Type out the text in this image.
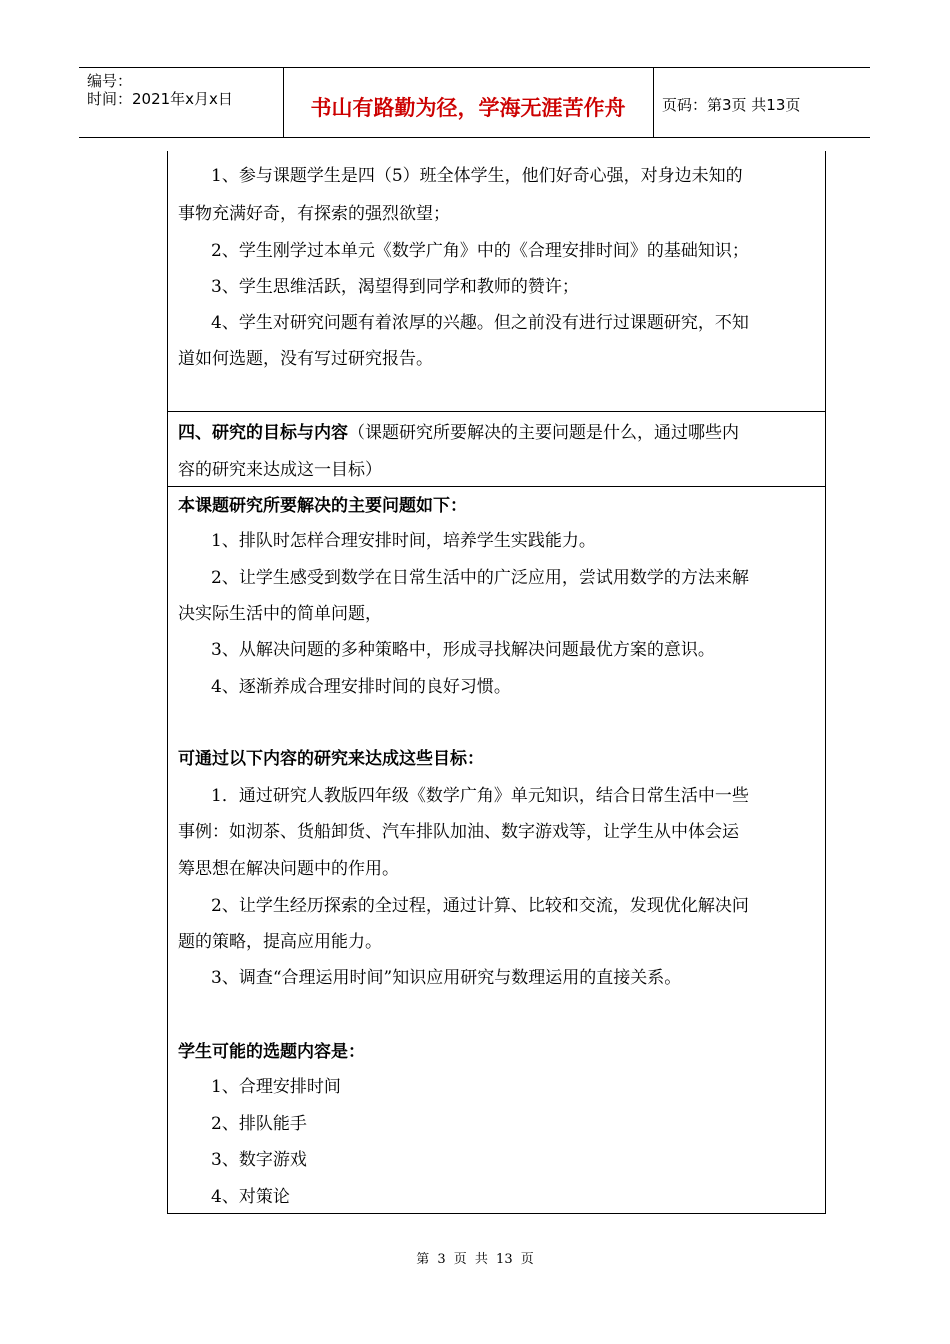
编号：
时间：2021年x月x日	书山有路勤为径，学海无涯苦作舟	页码：第3页 共13页
1、参与课题学生是四（5）班全体学生，他们好奇心强，对身边未知的
事物充满好奇，有探索的强烈欲望；
2、学生刚学过本单元《数学广角》中的《合理安排时间》的基础知识；
3、学生思维活跃，渴望得到同学和教师的赞许；
4、学生对研究问题有着浓厚的兴趣。但之前没有进行过课题研究，不知
道如何选题，没有写过研究报告。
四、研究的目标与内容（课题研究所要解决的主要问题是什么，通过哪些内
容的研究来达成这一目标）
本课题研究所要解决的主要问题如下：
1、排队时怎样合理安排时间，培养学生实践能力。
2、让学生感受到数学在日常生活中的广泛应用，尝试用数学的方法来解
决实际生活中的简单问题，
3、从解决问题的多种策略中，形成寻找解决问题最优方案的意识。
4、逐渐养成合理安排时间的良好习惯。
可通过以下内容的研究来达成这些目标：
1．通过研究人教版四年级《数学广角》单元知识，结合日常生活中一些
事例：如沏茶、货船卸货、汽车排队加油、数字游戏等，让学生从中体会运
筹思想在解决问题中的作用。
2、让学生经历探索的全过程，通过计算、比较和交流，发现优化解决问
题的策略，提高应用能力。
3、调查“合理运用时间”知识应用研究与数理运用的直接关系。
学生可能的选题内容是：
1、合理安排时间
2、排队能手
3、数字游戏
4、对策论
第 3 页 共 13 页
